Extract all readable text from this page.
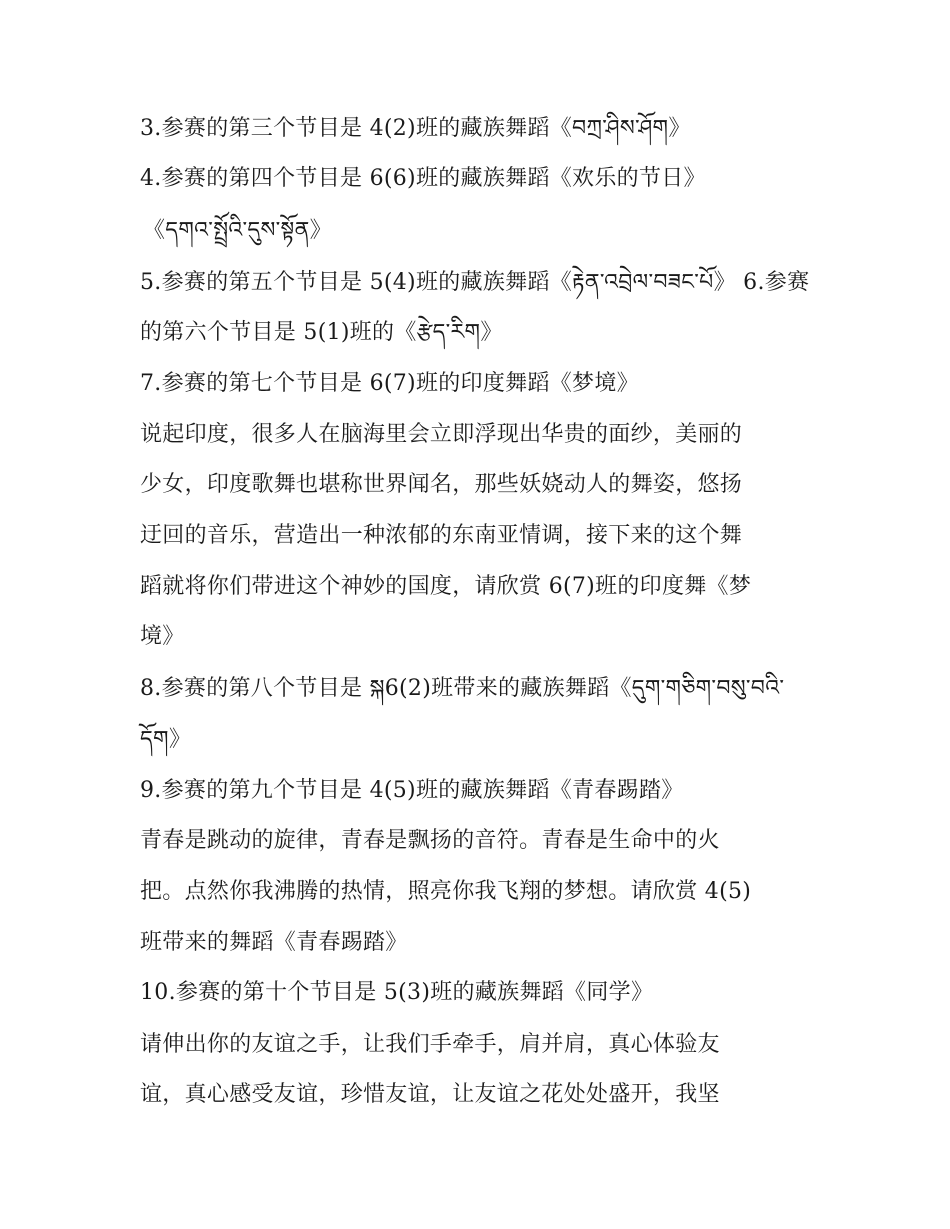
3.参赛的第三个节目是 4(2)班的藏族舞蹈《བཀྲ་ཤིས་ཤོག》
4.参赛的第四个节目是 6(6)班的藏族舞蹈《欢乐的节日》
《དགའ་སྤྲོའི་དུས་སྟོན》
5.参赛的第五个节目是 5(4)班的藏族舞蹈《རྟེན་འབྲེལ་བཟང་པོ》 6.参赛
的第六个节目是 5(1)班的《རྩེད་རིག》
7.参赛的第七个节目是 6(7)班的印度舞蹈《梦境》
说起印度，很多人在脑海里会立即浮现出华贵的面纱，美丽的
少女，印度歌舞也堪称世界闻名，那些妖娆动人的舞姿，悠扬
迂回的音乐，营造出一种浓郁的东南亚情调，接下来的这个舞
蹈就将你们带进这个神妙的国度，请欣赏 6(7)班的印度舞《梦
境》
8.参赛的第八个节目是 སྐ6(2)班带来的藏族舞蹈《དུག་གཅིག་བསུ་བའི་
དོག》
9.参赛的第九个节目是 4(5)班的藏族舞蹈《青春踢踏》
青春是跳动的旋律，青春是飘扬的音符。青春是生命中的火
把。点然你我沸腾的热情，照亮你我飞翔的梦想。请欣赏 4(5)
班带来的舞蹈《青春踢踏》
10.参赛的第十个节目是 5(3)班的藏族舞蹈《同学》
请伸出你的友谊之手，让我们手牵手，肩并肩，真心体验友
谊，真心感受友谊，珍惜友谊，让友谊之花处处盛开，我坚
